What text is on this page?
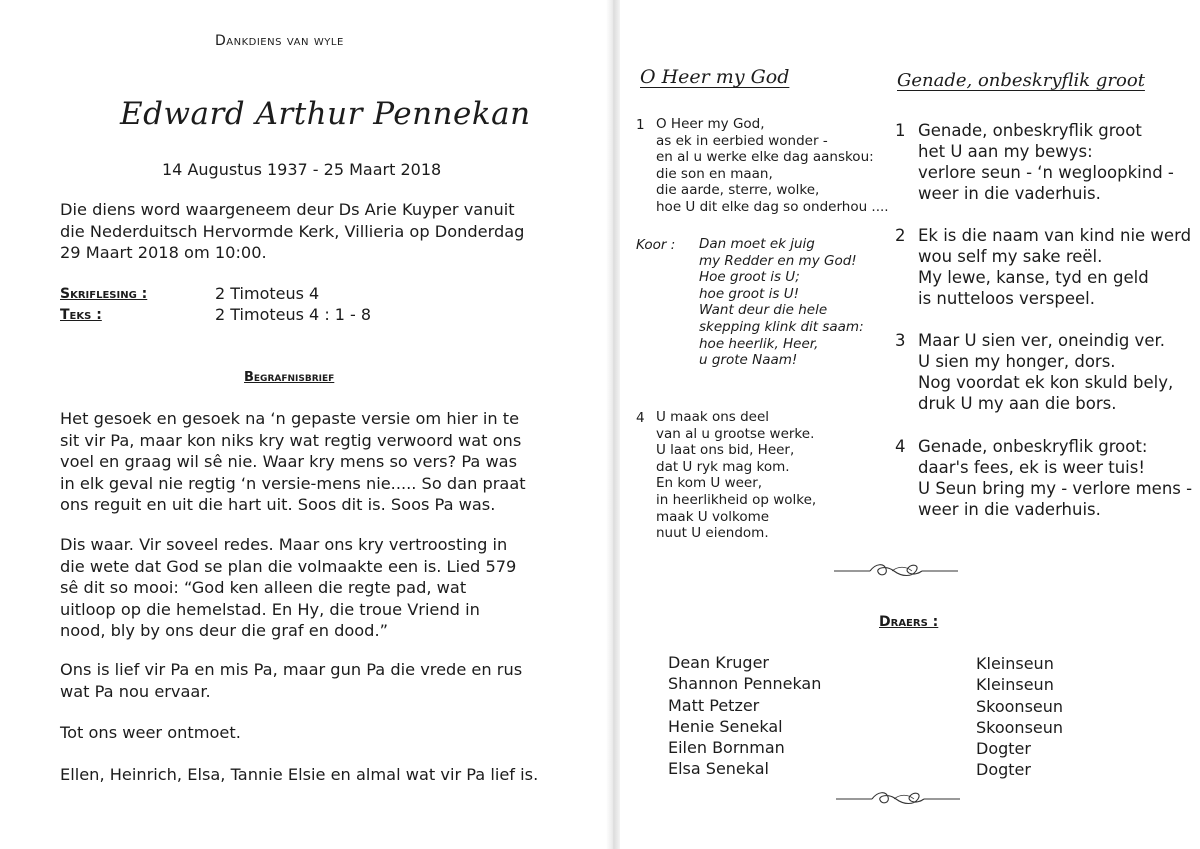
Dankdiens van wyle
Edward Arthur Pennekan
14 Augustus 1937 - 25 Maart 2018
Die diens word waargeneem deur Ds Arie Kuyper vanuit
die Nederduitsch Hervormde Kerk, Villieria op Donderdag
29 Maart 2018 om 10:00.
Skriflesing :	2 Timoteus 4
Teks :	2 Timoteus 4 : 1 - 8
Begrafnisbrief
Het gesoek en gesoek na ‘n gepaste versie om hier in te
sit vir Pa, maar kon niks kry wat regtig verwoord wat ons
voel en graag wil sê nie. Waar kry mens so vers? Pa was
in elk geval nie regtig ‘n versie-mens nie..... So dan praat
ons reguit en uit die hart uit. Soos dit is. Soos Pa was.
Dis waar. Vir soveel redes. Maar ons kry vertroosting in
die wete dat God se plan die volmaakte een is. Lied 579
sê dit so mooi: “God ken alleen die regte pad, wat
uitloop op die hemelstad. En Hy, die troue Vriend in
nood, bly by ons deur die graf en dood.”
Ons is lief vir Pa en mis Pa, maar gun Pa die vrede en rus
wat Pa nou ervaar.
Tot ons weer ontmoet.
Ellen, Heinrich, Elsa, Tannie Elsie en almal wat vir Pa lief is.
O Heer my God
1 O Heer my God,
as ek in eerbied wonder -
en al u werke elke dag aanskou:
die son en maan,
die aarde, sterre, wolke,
hoe U dit elke dag so onderhou ....
Koor : Dan moet ek juig
my Redder en my God!
Hoe groot is U;
hoe groot is U!
Want deur die hele
skepping klink dit saam:
hoe heerlik, Heer,
u grote Naam!
4 U maak ons deel
van al u grootse werke.
U laat ons bid, Heer,
dat U ryk mag kom.
En kom U weer,
in heerlikheid op wolke,
maak U volkome
nuut U eiendom.
Genade, onbeskryflik groot
1 Genade, onbeskryflik groot
het U aan my bewys:
verlore seun - ‘n wegloopkind -
weer in die vaderhuis.
2 Ek is die naam van kind nie werd
wou self my sake reël.
My lewe, kanse, tyd en geld
is nutteloos verspeel.
3 Maar U sien ver, oneindig ver.
U sien my honger, dors.
Nog voordat ek kon skuld bely,
druk U my aan die bors.
4 Genade, onbeskryflik groot:
daar's fees, ek is weer tuis!
U Seun bring my - verlore mens -
weer in die vaderhuis.
Draers :
Dean Kruger
Shannon Pennekan
Matt Petzer
Henie Senekal
Eilen Bornman
Elsa Senekal
Kleinseun
Kleinseun
Skoonseun
Skoonseun
Dogter
Dogter
